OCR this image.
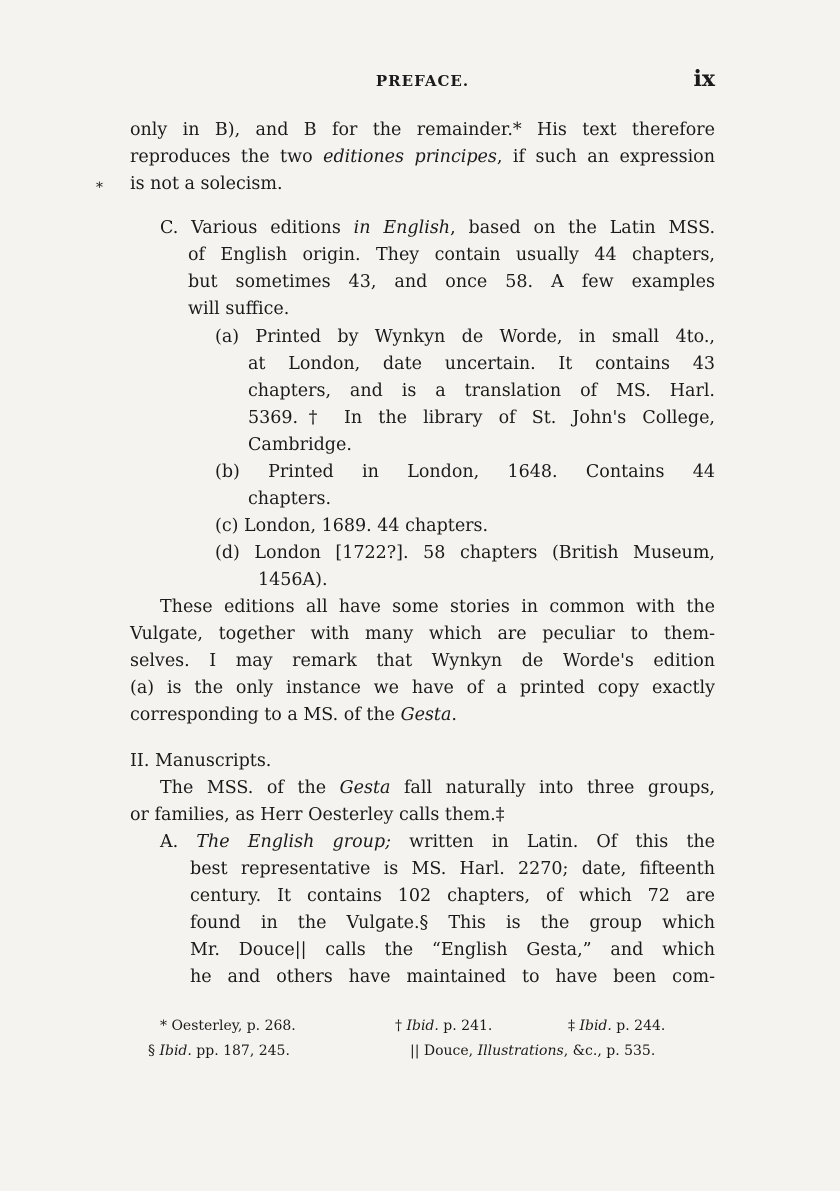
PREFACE.	ix
*
only in B), and B for the remainder.* His text therefore
reproduces the two editiones principes, if such an expression
is not a solecism.
C. Various editions in English, based on the Latin MSS.
of English origin. They contain usually 44 chapters,
but sometimes 43, and once 58. A few examples
will suffice.
(a) Printed by Wynkyn de Worde, in small 4to.,
at London, date uncertain. It contains 43
chapters, and is a translation of MS. Harl.
5369.† In the library of St. John's College,
Cambridge.
(b) Printed in London, 1648. Contains 44
chapters.
(c) London, 1689. 44 chapters.
(d) London [1722?]. 58 chapters (British Museum,
1456A).
These editions all have some stories in common with the
Vulgate, together with many which are peculiar to them-
selves. I may remark that Wynkyn de Worde's edition
(a) is the only instance we have of a printed copy exactly
corresponding to a MS. of the Gesta.
II. Manuscripts.
The MSS. of the Gesta fall naturally into three groups,
or families, as Herr Oesterley calls them.‡
A. The English group; written in Latin. Of this the
best representative is MS. Harl. 2270; date, fifteenth
century. It contains 102 chapters, of which 72 are
found in the Vulgate.§ This is the group which
Mr. Douce|| calls the “English Gesta,” and which
he and others have maintained to have been com-
* Oesterley, p. 268.	† Ibid. p. 241.	‡ Ibid. p. 244.
§ Ibid. pp. 187, 245.	|| Douce, Illustrations, &c., p. 535.
